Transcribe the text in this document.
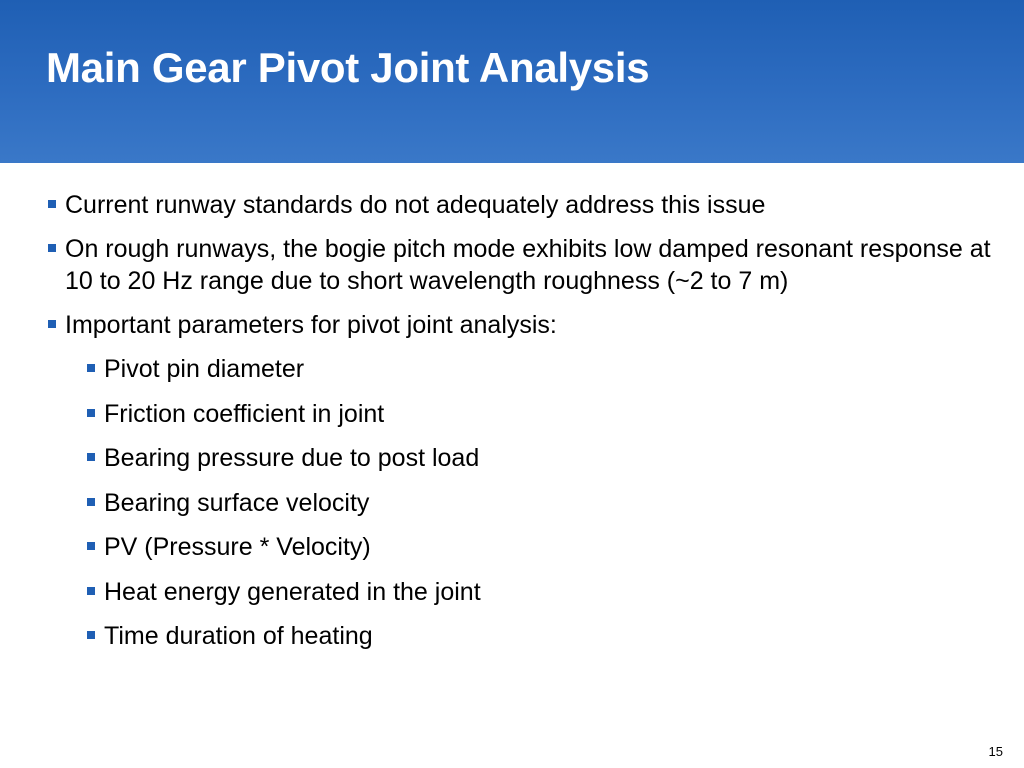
Main Gear Pivot Joint Analysis
Current runway standards do not adequately address this issue
On rough runways, the bogie pitch mode exhibits low damped resonant response at 10 to 20 Hz range due to short wavelength roughness (~2 to 7 m)
Important parameters for pivot joint analysis:
Pivot pin diameter
Friction coefficient in joint
Bearing pressure due to post load
Bearing surface velocity
PV (Pressure * Velocity)
Heat energy generated in the joint
Time duration of heating
15
